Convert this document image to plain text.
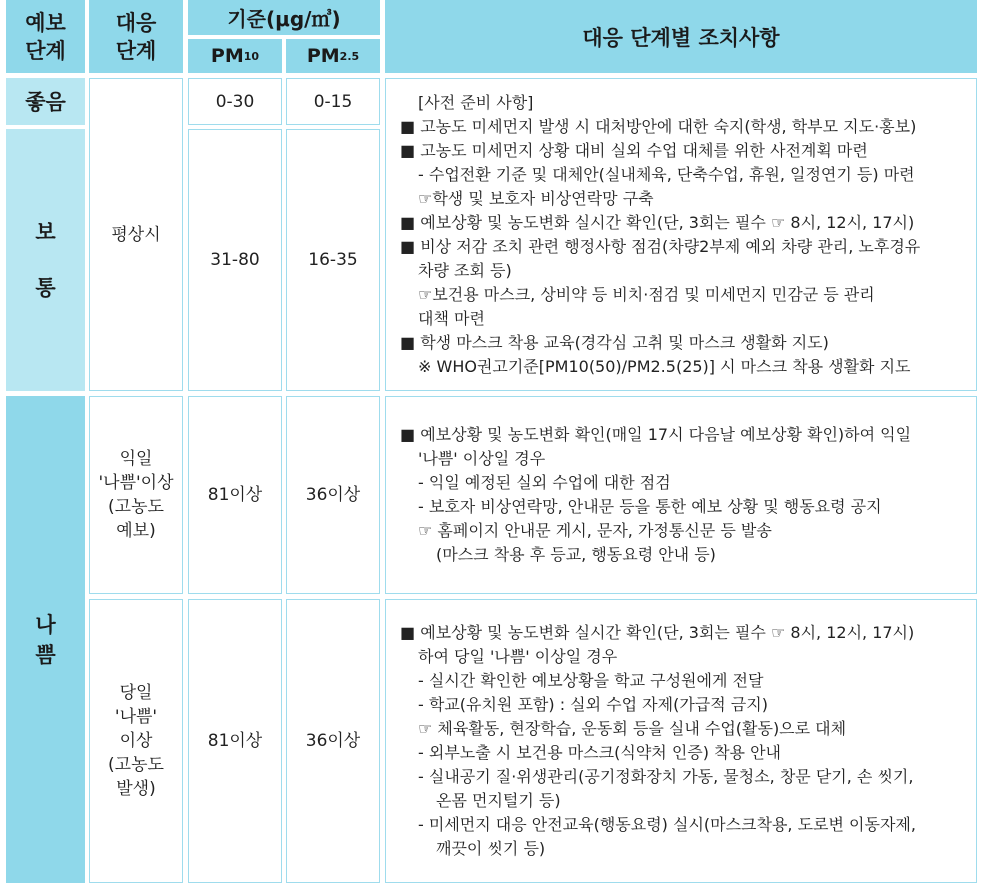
예보
단계
대응
단계
기준(μg/㎥)
PM 10	PM 2.5
대응 단계별 조치사항
좋음
보
통
나
쁨
평상시
익일
'나쁨'이상
(고농도
예보)
당일
'나쁨'
이상
(고농도
발생)
0-30
31-80
81이상
81이상
0-15
16-35
36이상
36이상

[사전 준비 사항]

■ 고농도 미세먼지 발생 시 대처방안에 대한 숙지(학생, 학부모 지도·홍보)

■ 고농도 미세먼지 상황 대비 실외 수업 대체를 위한 사전계획 마련

- 수업전환 기준 및 대체안(실내체육, 단축수업, 휴원, 일정연기 등) 마련

☞학생 및 보호자 비상연락망 구축

■ 예보상황 및 농도변화 실시간 확인(단, 3회는 필수 ☞ 8시, 12시, 17시)

■ 비상 저감 조치 관련 행정사항 점검(차량2부제 예외 차량 관리, 노후경유

차량 조회 등)

☞보건용 마스크, 상비약 등 비치·점검 및 미세먼지 민감군 등 관리

대책 마련

■ 학생 마스크 착용 교육(경각심 고취 및 마스크 생활화 지도)

※ WHO권고기준[PM10(50)/PM2.5(25)] 시 마스크 착용 생활화 지도

■ 예보상황 및 농도변화 확인(매일 17시 다음날 예보상황 확인)하여 익일

'나쁨' 이상일 경우

- 익일 예정된 실외 수업에 대한 점검

- 보호자 비상연락망, 안내문 등을 통한 예보 상황 및 행동요령 공지

☞ 홈페이지 안내문 게시, 문자, 가정통신문 등 발송

(마스크 착용 후 등교, 행동요령 안내 등)

■ 예보상황 및 농도변화 실시간 확인(단, 3회는 필수 ☞ 8시, 12시, 17시)

하여 당일 '나쁨' 이상일 경우

- 실시간 확인한 예보상황을 학교 구성원에게 전달

- 학교(유치원 포함) : 실외 수업 자제(가급적 금지)

☞ 체육활동, 현장학습, 운동회 등을 실내 수업(활동)으로 대체

- 외부노출 시 보건용 마스크(식약처 인증) 착용 안내

- 실내공기 질·위생관리(공기정화장치 가동, 물청소, 창문 닫기, 손 씻기,

온몸 먼지털기 등)

- 미세먼지 대응 안전교육(행동요령) 실시(마스크착용, 도로변 이동자제,

깨끗이 씻기 등)
